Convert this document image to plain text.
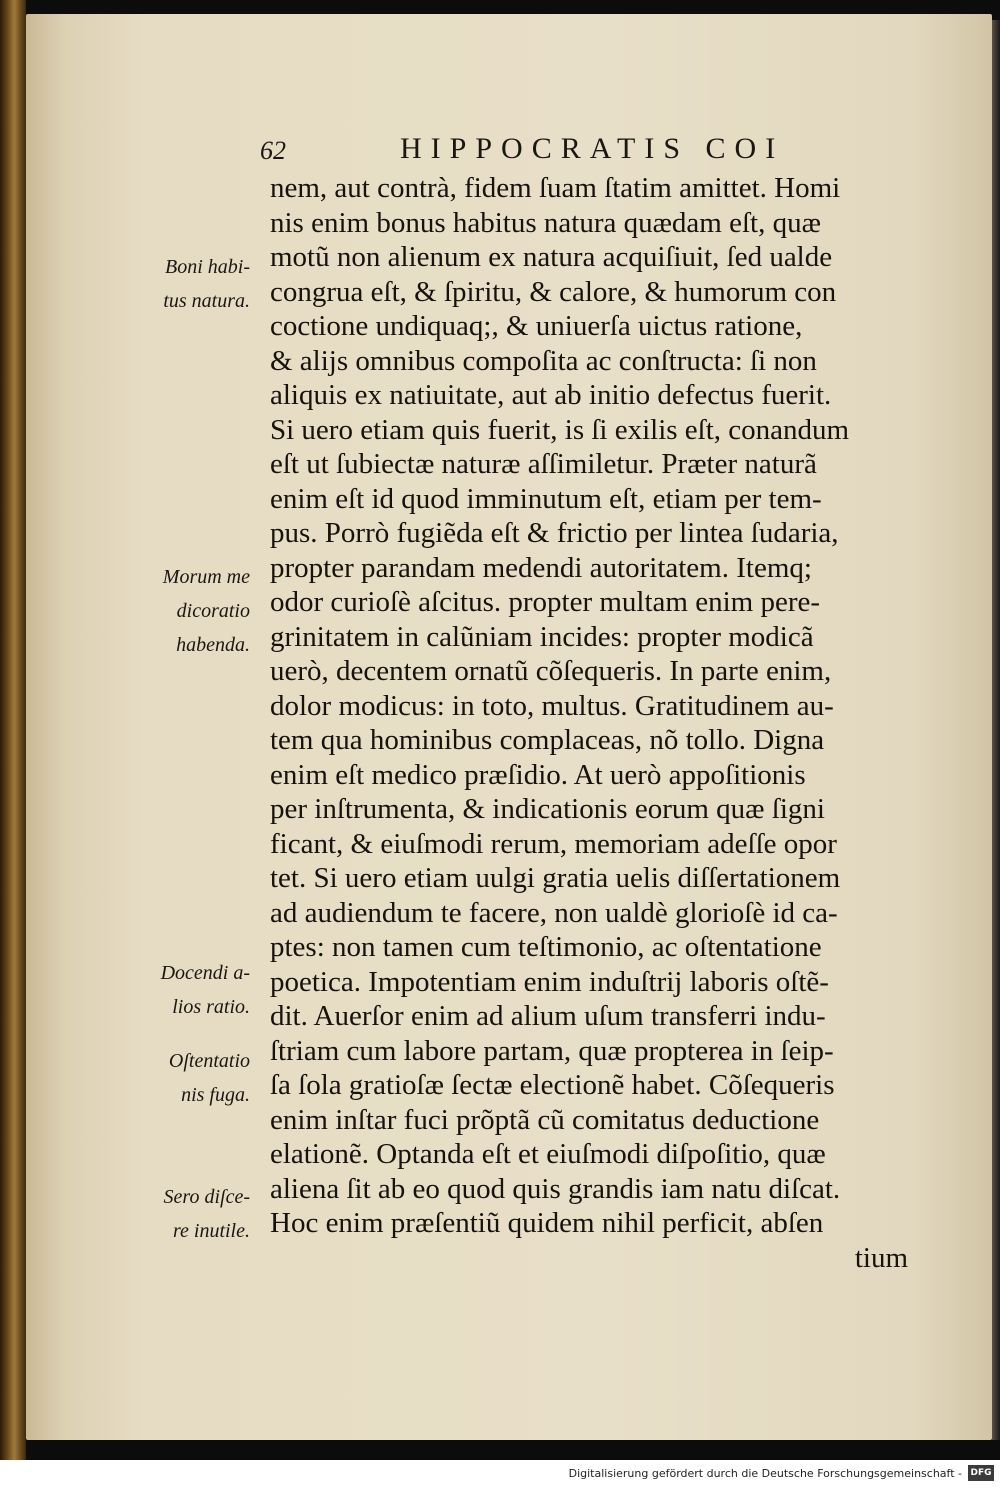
62	HIPPOCRATIS COI
nem, aut contrà, fidem ſuam ſtatim amittet. Homi
nis enim bonus habitus natura quædam eſt, quæ
motũ non alienum ex natura acquiſiuit, ſed ualde
congrua eſt, & ſpiritu, & calore, & humorum con
coctione undiquaq;, & uniuerſa uictus ratione,
& alijs omnibus compoſita ac conſtructa: ſi non
aliquis ex natiuitate, aut ab initio defectus fuerit.
Si uero etiam quis fuerit, is ſi exilis eſt, conandum
eſt ut ſubiectæ naturæ aſſimiletur. Præter naturã
enim eſt id quod imminutum eſt, etiam per tem-
pus. Porrò fugiẽda eſt & frictio per lintea ſudaria,
propter parandam medendi autoritatem. Itemq;
odor curioſè aſcitus. propter multam enim pere-
grinitatem in calũniam incides: propter modicã
uerò, decentem ornatũ cõſequeris. In parte enim,
dolor modicus: in toto, multus. Gratitudinem au-
tem qua hominibus complaceas, nõ tollo. Digna
enim eſt medico præſidio. At uerò appoſitionis
per inſtrumenta, & indicationis eorum quæ ſigni
ficant, & eiuſmodi rerum, memoriam adeſſe opor
tet. Si uero etiam uulgi gratia uelis diſſertationem
ad audiendum te facere, non ualdè glorioſè id ca-
ptes: non tamen cum teſtimonio, ac oſtentatione
poetica. Impotentiam enim induſtrij laboris oſtẽ-
dit. Auerſor enim ad alium uſum transferri indu-
ſtriam cum labore partam, quæ propterea in ſeip-
ſa ſola gratioſæ ſectæ electionẽ habet. Cõſequeris
enim inſtar fuci prõptã cũ comitatus deductione
elationẽ. Optanda eſt et eiuſmodi diſpoſitio, quæ
aliena ſit ab eo quod quis grandis iam natu diſcat.
Hoc enim præſentiũ quidem nihil perficit, abſen
tium
Boni habi-
tus natura.
Morum me
dicoratio
habenda.
Docendi a-
lios ratio.
Oſtentatio
nis fuga.
Sero diſce-
re inutile.
Digitalisierung gefördert durch die Deutsche Forschungsgemeinschaft - DFG
